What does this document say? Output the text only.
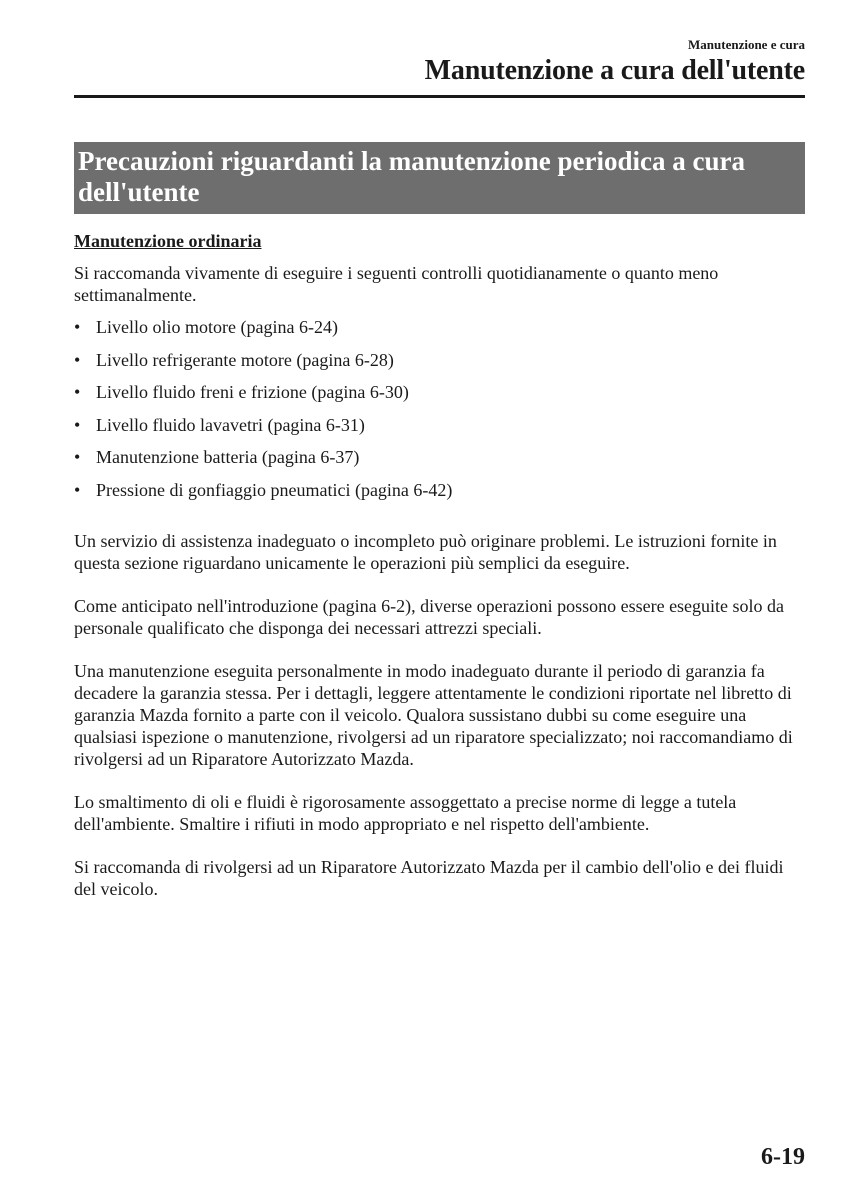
Manutenzione e cura
Manutenzione a cura dell'utente
Precauzioni riguardanti la manutenzione periodica a cura dell'utente
Manutenzione ordinaria

Si raccomanda vivamente di eseguire i seguenti controlli quotidianamente o quanto meno settimanalmente.

• Livello olio motore (pagina 6-24)
• Livello refrigerante motore (pagina 6-28)
• Livello fluido freni e frizione (pagina 6-30)
• Livello fluido lavavetri (pagina 6-31)
• Manutenzione batteria (pagina 6-37)
• Pressione di gonfiaggio pneumatici (pagina 6-42)

Un servizio di assistenza inadeguato o incompleto può originare problemi. Le istruzioni fornite in questa sezione riguardano unicamente le operazioni più semplici da eseguire.

Come anticipato nell'introduzione (pagina 6-2), diverse operazioni possono essere eseguite solo da personale qualificato che disponga dei necessari attrezzi speciali.

Una manutenzione eseguita personalmente in modo inadeguato durante il periodo di garanzia fa decadere la garanzia stessa. Per i dettagli, leggere attentamente le condizioni riportate nel libretto di garanzia Mazda fornito a parte con il veicolo. Qualora sussistano dubbi su come eseguire una qualsiasi ispezione o manutenzione, rivolgersi ad un riparatore specializzato; noi raccomandiamo di rivolgersi ad un Riparatore Autorizzato Mazda.

Lo smaltimento di oli e fluidi è rigorosamente assoggettato a precise norme di legge a tutela dell'ambiente. Smaltire i rifiuti in modo appropriato e nel rispetto dell'ambiente.

Si raccomanda di rivolgersi ad un Riparatore Autorizzato Mazda per il cambio dell'olio e dei fluidi del veicolo.

6-19
